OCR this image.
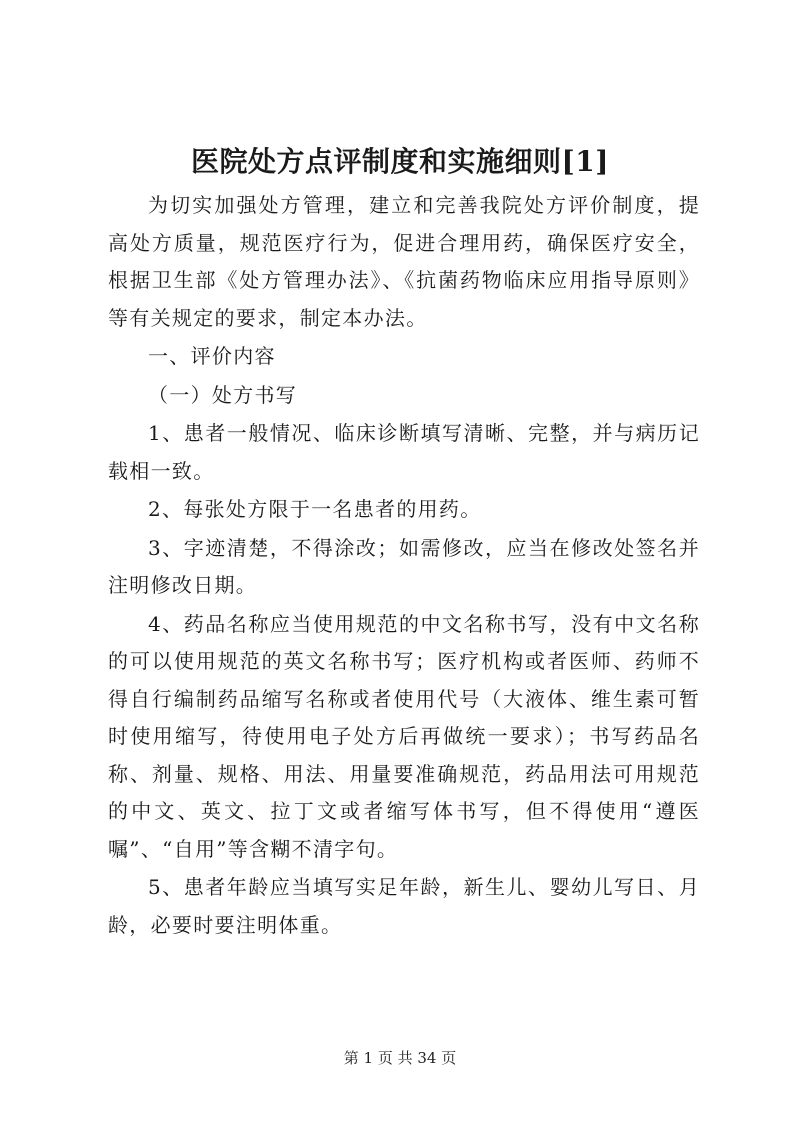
医院处方点评制度和实施细则[1]

为切实加强处方管理，建立和完善我院处方评价制度，提高处方质量，规范医疗行为，促进合理用药，确保医疗安全，根据卫生部《处方管理办法》、《抗菌药物临床应用指导原则》等有关规定的要求，制定本办法。

一、评价内容

（一）处方书写

1、患者一般情况、临床诊断填写清晰、完整，并与病历记载相一致。

2、每张处方限于一名患者的用药。

3、字迹清楚，不得涂改；如需修改，应当在修改处签名并注明修改日期。

4、药品名称应当使用规范的中文名称书写，没有中文名称的可以使用规范的英文名称书写；医疗机构或者医师、药师不得自行编制药品缩写名称或者使用代号（大液体、维生素可暂时使用缩写，待使用电子处方后再做统一要求）；书写药品名称、剂量、规格、用法、用量要准确规范，药品用法可用规范的中文、英文、拉丁文或者缩写体书写，但不得使用“遵医嘱”、“自用”等含糊不清字句。

5、患者年龄应当填写实足年龄，新生儿、婴幼儿写日、月龄，必要时要注明体重。

第 1 页 共 34 页
